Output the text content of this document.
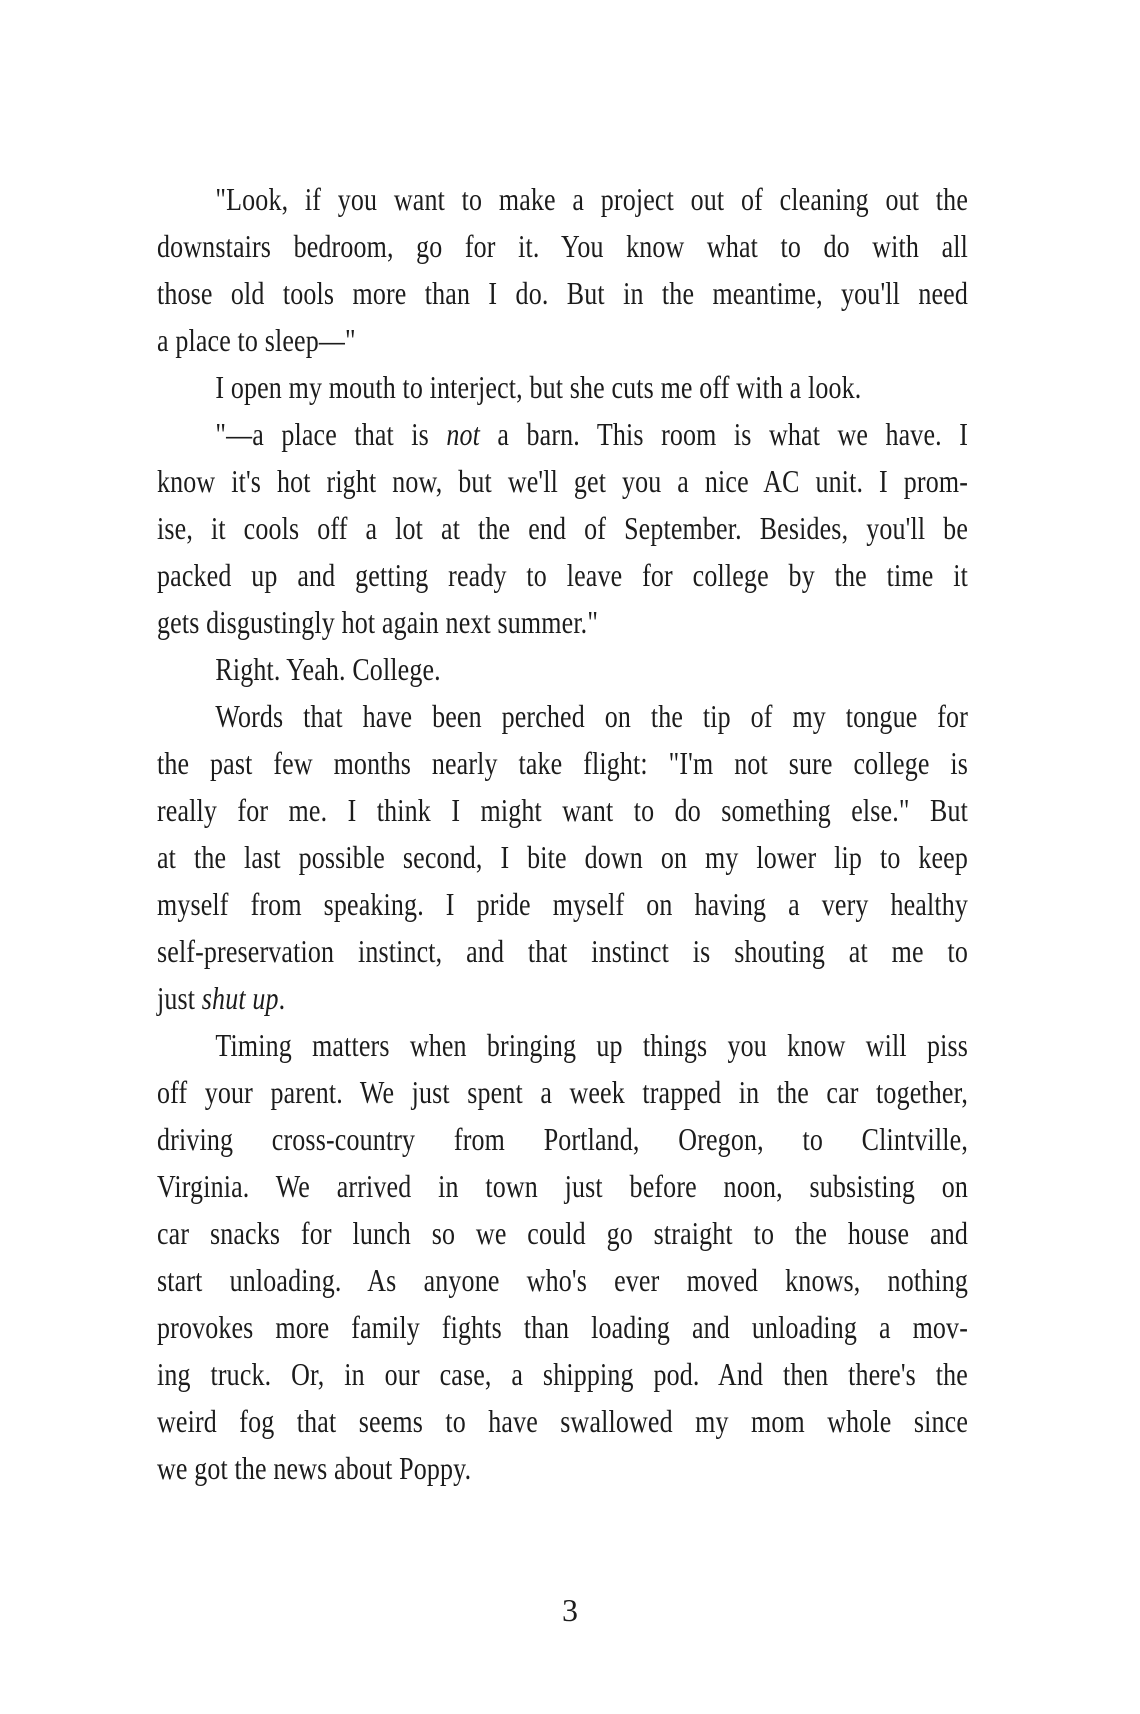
"Look, if you want to make a project out of cleaning out the
downstairs bedroom, go for it. You know what to do with all
those old tools more than I do. But in the meantime, you'll need
a place to sleep—"
I open my mouth to interject, but she cuts me off with a look.
"—a place that is not a barn. This room is what we have. I
know it's hot right now, but we'll get you a nice AC unit. I prom-
ise, it cools off a lot at the end of September. Besides, you'll be
packed up and getting ready to leave for college by the time it
gets disgustingly hot again next summer."
Right. Yeah. College.
Words that have been perched on the tip of my tongue for
the past few months nearly take flight: "I'm not sure college is
really for me. I think I might want to do something else." But
at the last possible second, I bite down on my lower lip to keep
myself from speaking. I pride myself on having a very healthy
self-preservation instinct, and that instinct is shouting at me to
just shut up.
Timing matters when bringing up things you know will piss
off your parent. We just spent a week trapped in the car together,
driving cross-country from Portland, Oregon, to Clintville,
Virginia. We arrived in town just before noon, subsisting on
car snacks for lunch so we could go straight to the house and
start unloading. As anyone who's ever moved knows, nothing
provokes more family fights than loading and unloading a mov-
ing truck. Or, in our case, a shipping pod. And then there's the
weird fog that seems to have swallowed my mom whole since
we got the news about Poppy.
3
